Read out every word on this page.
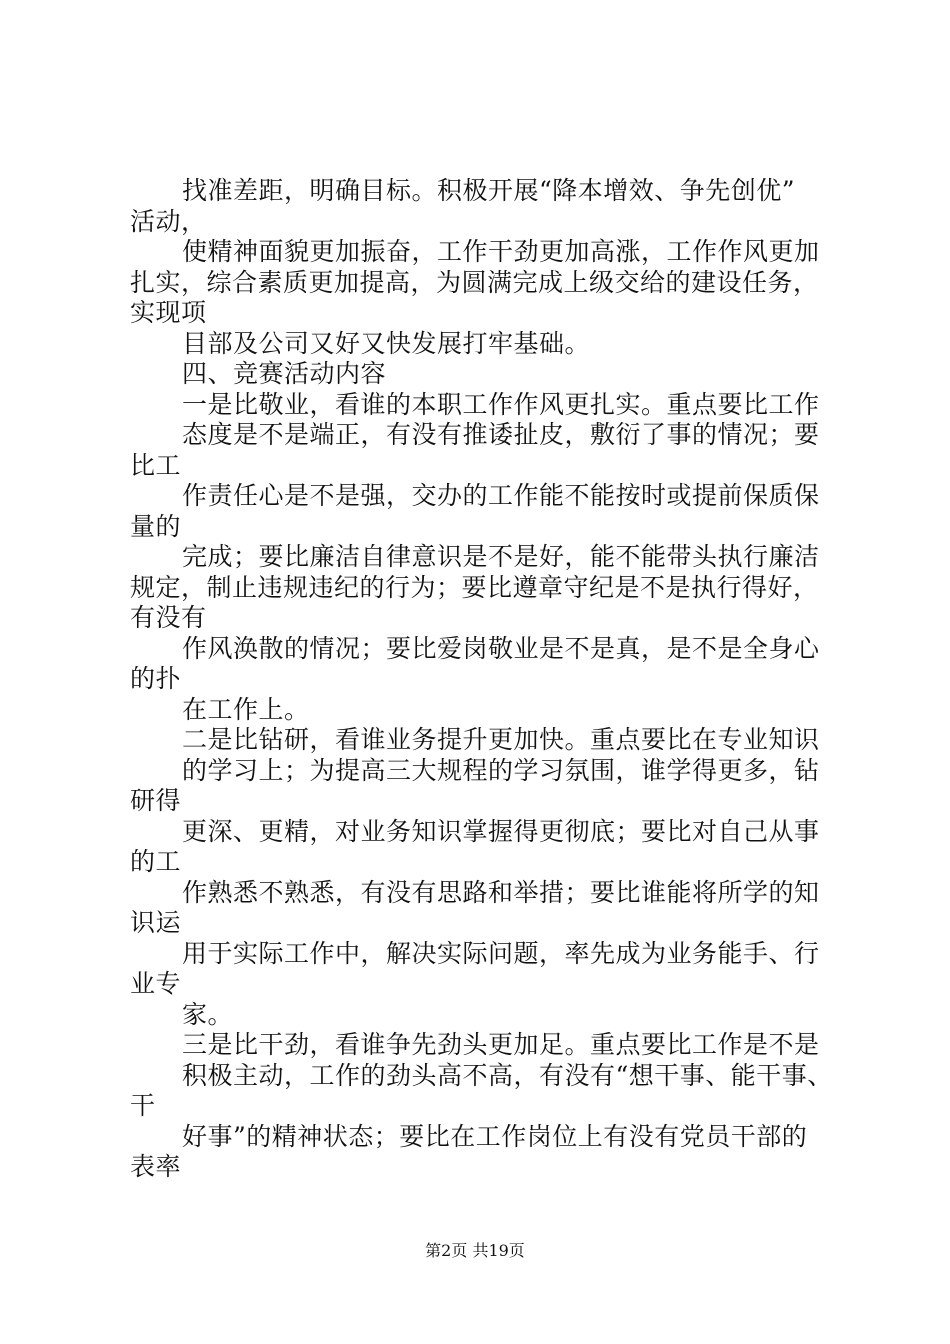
找准差距，明确目标。积极开展“降本增效、争先创优”
活动，
使精神面貌更加振奋，工作干劲更加高涨，工作作风更加
扎实，综合素质更加提高，为圆满完成上级交给的建设任务，
实现项
目部及公司又好又快发展打牢基础。
四、竞赛活动内容
一是比敬业，看谁的本职工作作风更扎实。重点要比工作
态度是不是端正，有没有推诿扯皮，敷衍了事的情况；要
比工
作责任心是不是强，交办的工作能不能按时或提前保质保
量的
完成；要比廉洁自律意识是不是好，能不能带头执行廉洁
规定，制止违规违纪的行为；要比遵章守纪是不是执行得好，
有没有
作风涣散的情况；要比爱岗敬业是不是真，是不是全身心
的扑
在工作上。
二是比钻研，看谁业务提升更加快。重点要比在专业知识
的学习上；为提高三大规程的学习氛围，谁学得更多，钻
研得
更深、更精，对业务知识掌握得更彻底；要比对自己从事
的工
作熟悉不熟悉，有没有思路和举措；要比谁能将所学的知
识运
用于实际工作中，解决实际问题，率先成为业务能手、行
业专
家。
三是比干劲，看谁争先劲头更加足。重点要比工作是不是
积极主动，工作的劲头高不高，有没有“想干事、能干事、
干
好事”的精神状态；要比在工作岗位上有没有党员干部的
表率
第2页 共19页
